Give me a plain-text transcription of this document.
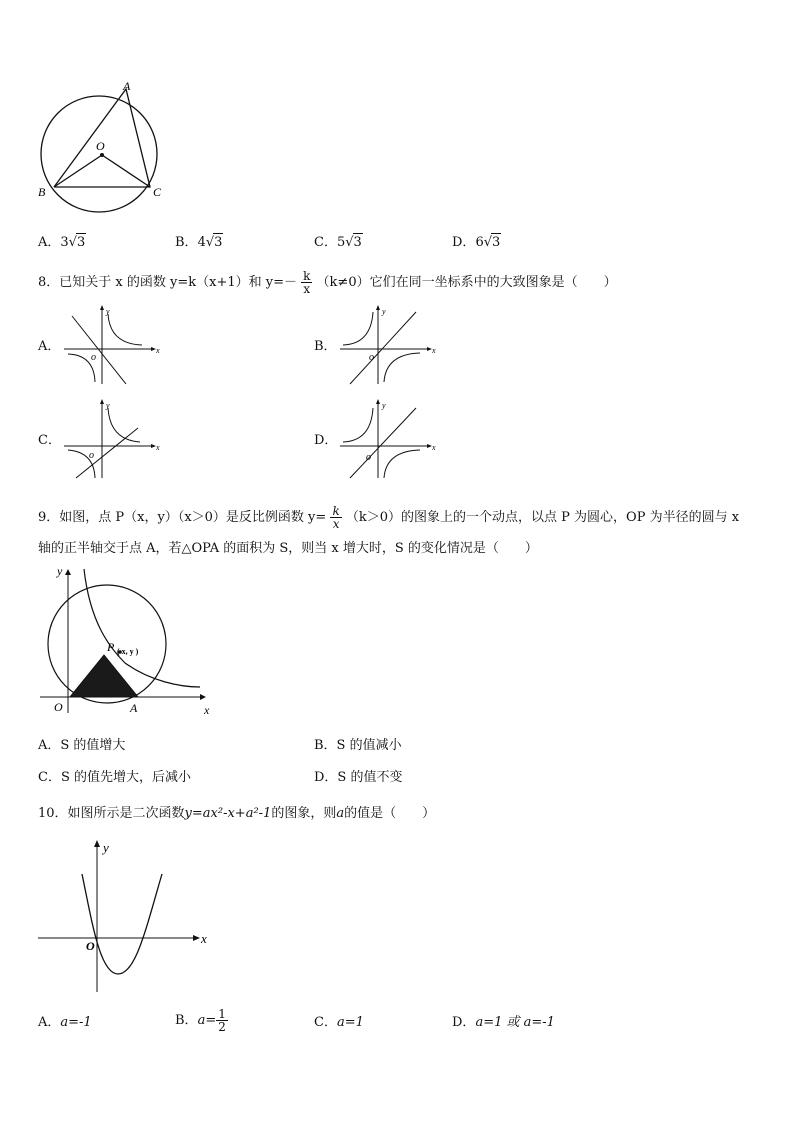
A
O
B	C
A．3√3	B．4√3	C．5√3	D．6√3
8．已知关于 x 的函数 y=k（x+1）和 $y=- \frac{k}{x} (k\ne 0)$它们在同一坐标系中的大致图象是（　　）
A．	B．
C．	D．
y
x
o
y
x
o
y
x
o
y
x
o
9．如图，点 P（x，y）（x＞0）是反比例函数 $y= \frac{k}{x} (k>0)$的图象上的一个动点，以点 P 为圆心，OP 为半径的圆与 x
轴的正半轴交于点 A，若△OPA 的面积为 S，则当 x 增大时，S 的变化情况是（　　）
y
x
O	A
P ( x, y )
A．S 的值增大	B．S 的值减小
C．S 的值先增大，后减小	D．S 的值不变
10．如图所示是二次函数y=ax²-x+a²-1的图象，则a的值是（　　）
y
x
O
A．a=-1	B．$a= \frac{1}{2}$	C．a=1	D．a=1 或 a=-1
